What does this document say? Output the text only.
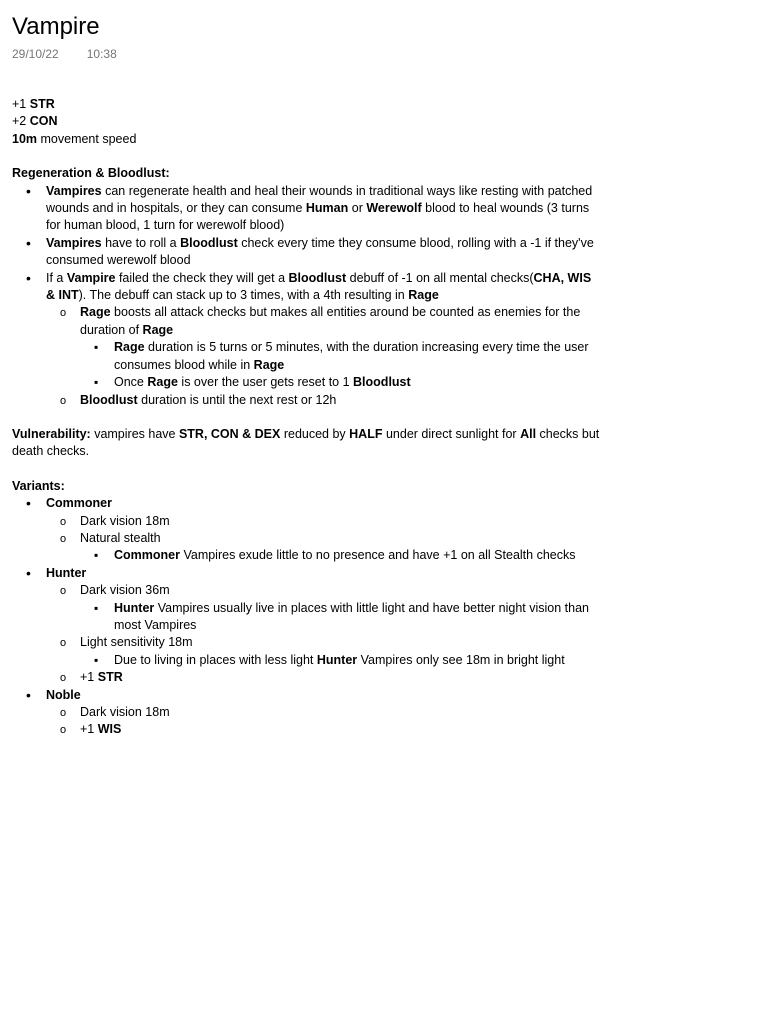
Vampire
29/10/22 10:38
+1 STR
+2 CON
10m movement speed
Regeneration & Bloodlust:
•
Vampires can regenerate health and heal their wounds in traditional ways like resting with patched wounds and in hospitals, or they can consume Human or Werewolf blood to heal wounds (3 turns for human blood, 1 turn for werewolf blood)
•
Vampires have to roll a Bloodlust check every time they consume blood, rolling with a -1 if they've consumed werewolf blood
•
If a Vampire failed the check they will get a Bloodlust debuff of -1 on all mental checks(CHA, WIS & INT). The debuff can stack up to 3 times, with a 4th resulting in Rage
o
Rage boosts all attack checks but makes all entities around be counted as enemies for the duration of Rage
▪
Rage duration is 5 turns or 5 minutes, with the duration increasing every time the user consumes blood while in Rage
▪
Once Rage is over the user gets reset to 1 Bloodlust
o
Bloodlust duration is until the next rest or 12h
Vulnerability: vampires have STR, CON & DEX reduced by HALF under direct sunlight for All checks but death checks.
Variants:
•
Commoner
o
Dark vision 18m
o
Natural stealth
▪
Commoner Vampires exude little to no presence and have +1 on all Stealth checks
•
Hunter
o
Dark vision 36m
▪
Hunter Vampires usually live in places with little light and have better night vision than most Vampires
o
Light sensitivity 18m
▪
Due to living in places with less light Hunter Vampires only see 18m in bright light
o
+1 STR
•
Noble
o
Dark vision 18m
o
+1 WIS
